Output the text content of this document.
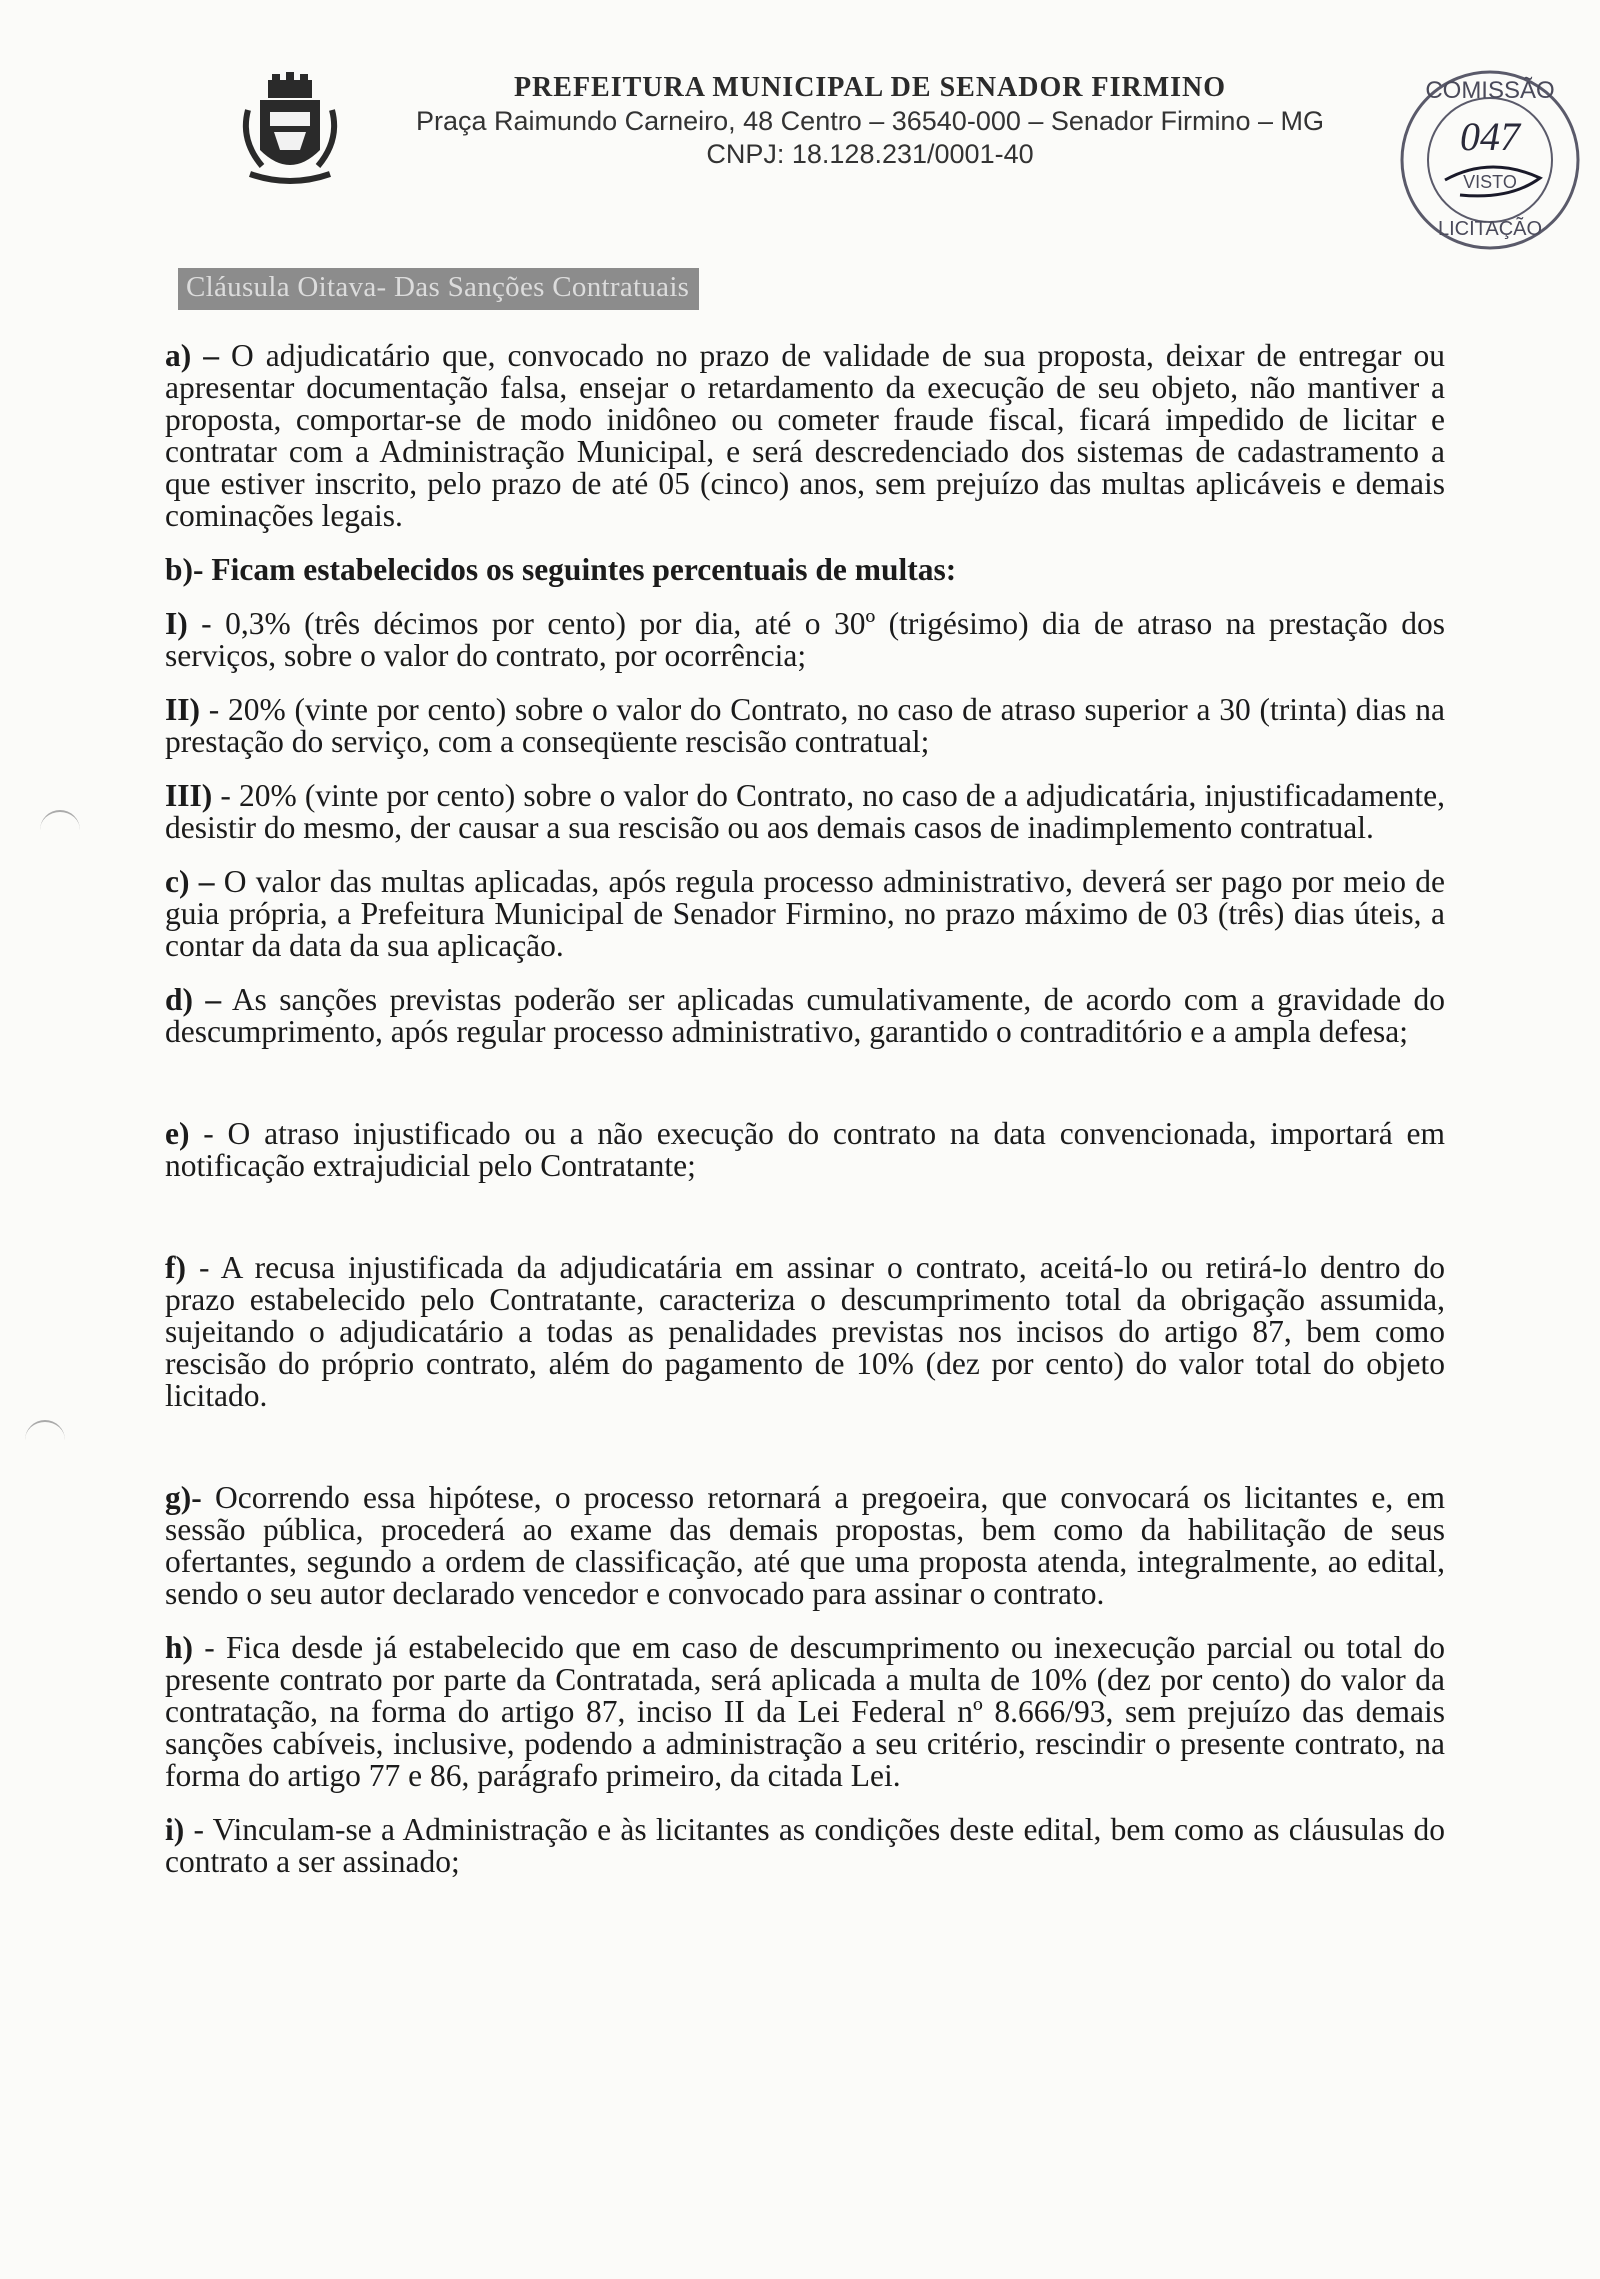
PREFEITURA MUNICIPAL DE SENADOR FIRMINO
Praça Raimundo Carneiro, 48 Centro – 36540-000 – Senador Firmino – MG
CNPJ: 18.128.231/0001-40
COMISSÃO
047
VISTO
LICITAÇÃO
Cláusula Oitava- Das Sanções Contratuais

a) – O adjudicatário que, convocado no prazo de validade de sua proposta, deixar de entregar ou apresentar documentação falsa, ensejar o retardamento da execução de seu objeto, não mantiver a proposta, comportar-se de modo inidôneo ou cometer fraude fiscal, ficará impedido de licitar e contratar com a Administração Municipal, e será descredenciado dos sistemas de cadastramento a que estiver inscrito, pelo prazo de até 05 (cinco) anos, sem prejuízo das multas aplicáveis e demais cominações legais.

b)- Ficam estabelecidos os seguintes percentuais de multas:

I) - 0,3% (três décimos por cento) por dia, até o 30º (trigésimo) dia de atraso na prestação dos serviços, sobre o valor do contrato, por ocorrência;

II) - 20% (vinte por cento) sobre o valor do Contrato, no caso de atraso superior a 30 (trinta) dias na prestação do serviço, com a conseqüente rescisão contratual;

III) - 20% (vinte por cento) sobre o valor do Contrato, no caso de a adjudicatária, injustificadamente, desistir do mesmo, der causar a sua rescisão ou aos demais casos de inadimplemento contratual.

c) – O valor das multas aplicadas, após regula processo administrativo, deverá ser pago por meio de guia própria, a Prefeitura Municipal de Senador Firmino, no prazo máximo de 03 (três) dias úteis, a contar da data da sua aplicação.

d) – As sanções previstas poderão ser aplicadas cumulativamente, de acordo com a gravidade do descumprimento, após regular processo administrativo, garantido o contraditório e a ampla defesa;

e) - O atraso injustificado ou a não execução do contrato na data convencionada, importará em notificação extrajudicial pelo Contratante;

f) - A recusa injustificada da adjudicatária em assinar o contrato, aceitá-lo ou retirá-lo dentro do prazo estabelecido pelo Contratante, caracteriza o descumprimento total da obrigação assumida, sujeitando o adjudicatário a todas as penalidades previstas nos incisos do artigo 87, bem como rescisão do próprio contrato, além do pagamento de 10% (dez por cento) do valor total do objeto licitado.

g)- Ocorrendo essa hipótese, o processo retornará a pregoeira, que convocará os licitantes e, em sessão pública, procederá ao exame das demais propostas, bem como da habilitação de seus ofertantes, segundo a ordem de classificação, até que uma proposta atenda, integralmente, ao edital, sendo o seu autor declarado vencedor e convocado para assinar o contrato.

h) - Fica desde já estabelecido que em caso de descumprimento ou inexecução parcial ou total do presente contrato por parte da Contratada, será aplicada a multa de 10% (dez por cento) do valor da contratação, na forma do artigo 87, inciso II da Lei Federal nº 8.666/93, sem prejuízo das demais sanções cabíveis, inclusive, podendo a administração a seu critério, rescindir o presente contrato, na forma do artigo 77 e 86, parágrafo primeiro, da citada Lei.

i) - Vinculam-se a Administração e às licitantes as condições deste edital, bem como as cláusulas do contrato a ser assinado;
